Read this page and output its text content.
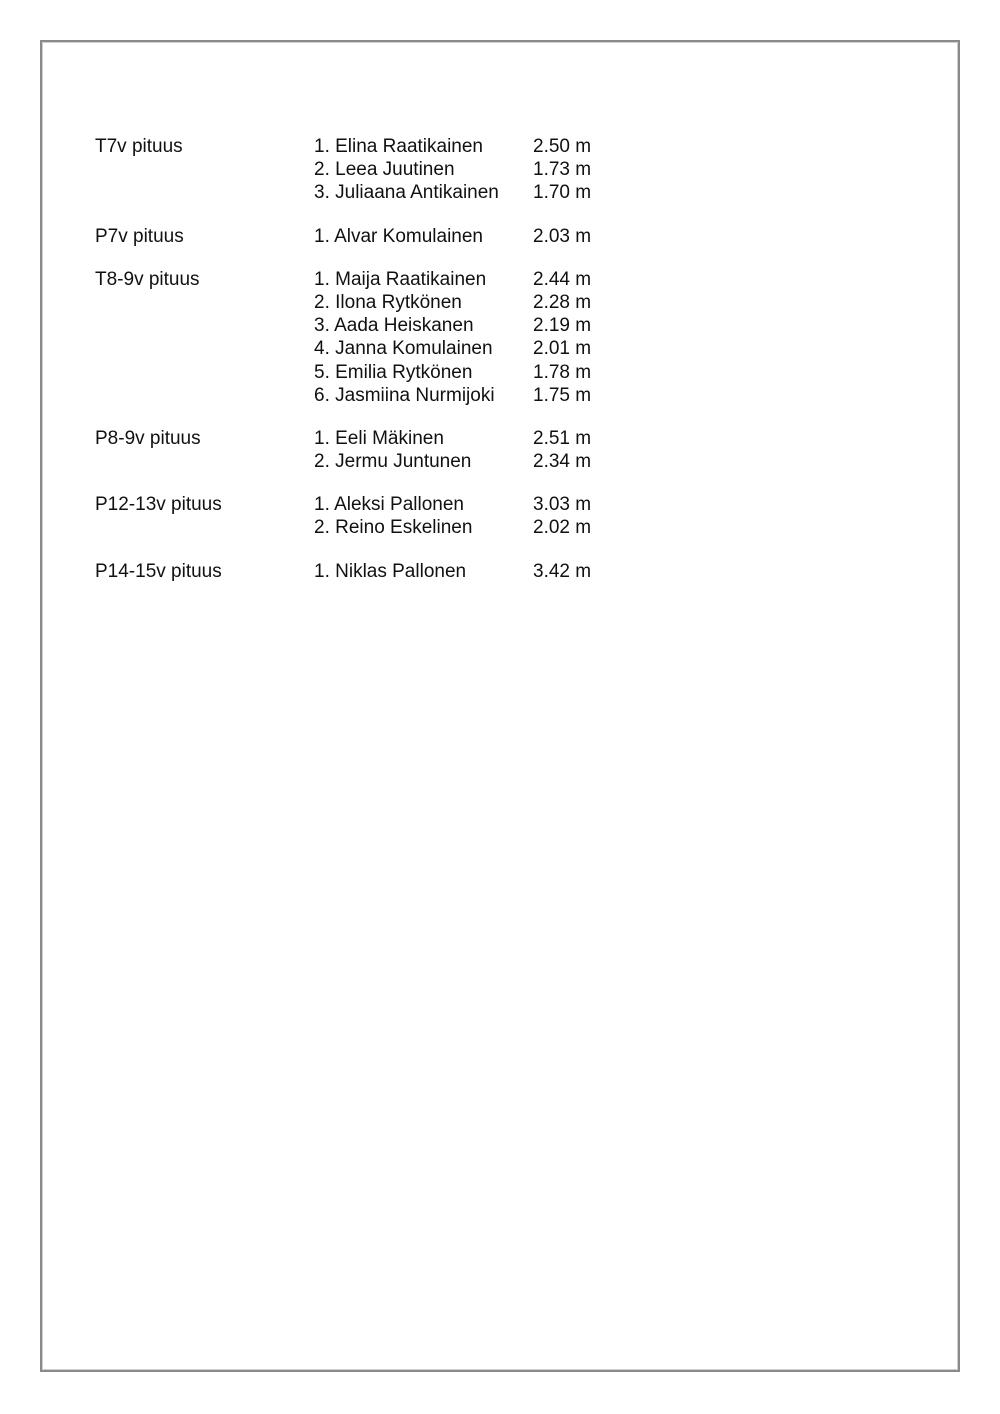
T7v pituus	1. Elina Raatikainen	2.50 m
2. Leea Juutinen	1.73 m
3. Juliaana Antikainen 1.70 m
P7v pituus	1. Alvar Komulainen	2.03 m
T8-9v pituus	1. Maija Raatikainen 2.44 m
2. Ilona Rytkönen	2.28 m
3. Aada Heiskanen	2.19 m
4. Janna Komulainen 2.01 m
5. Emilia Rytkönen	1.78 m
6. Jasmiina Nurmijoki 1.75 m
P8-9v pituus	1. Eeli Mäkinen	2.51 m
2. Jermu Juntunen	2.34 m
P12-13v pituus	1. Aleksi Pallonen	3.03 m
2. Reino Eskelinen	2.02 m
P14-15v pituus	1. Niklas Pallonen	3.42 m
